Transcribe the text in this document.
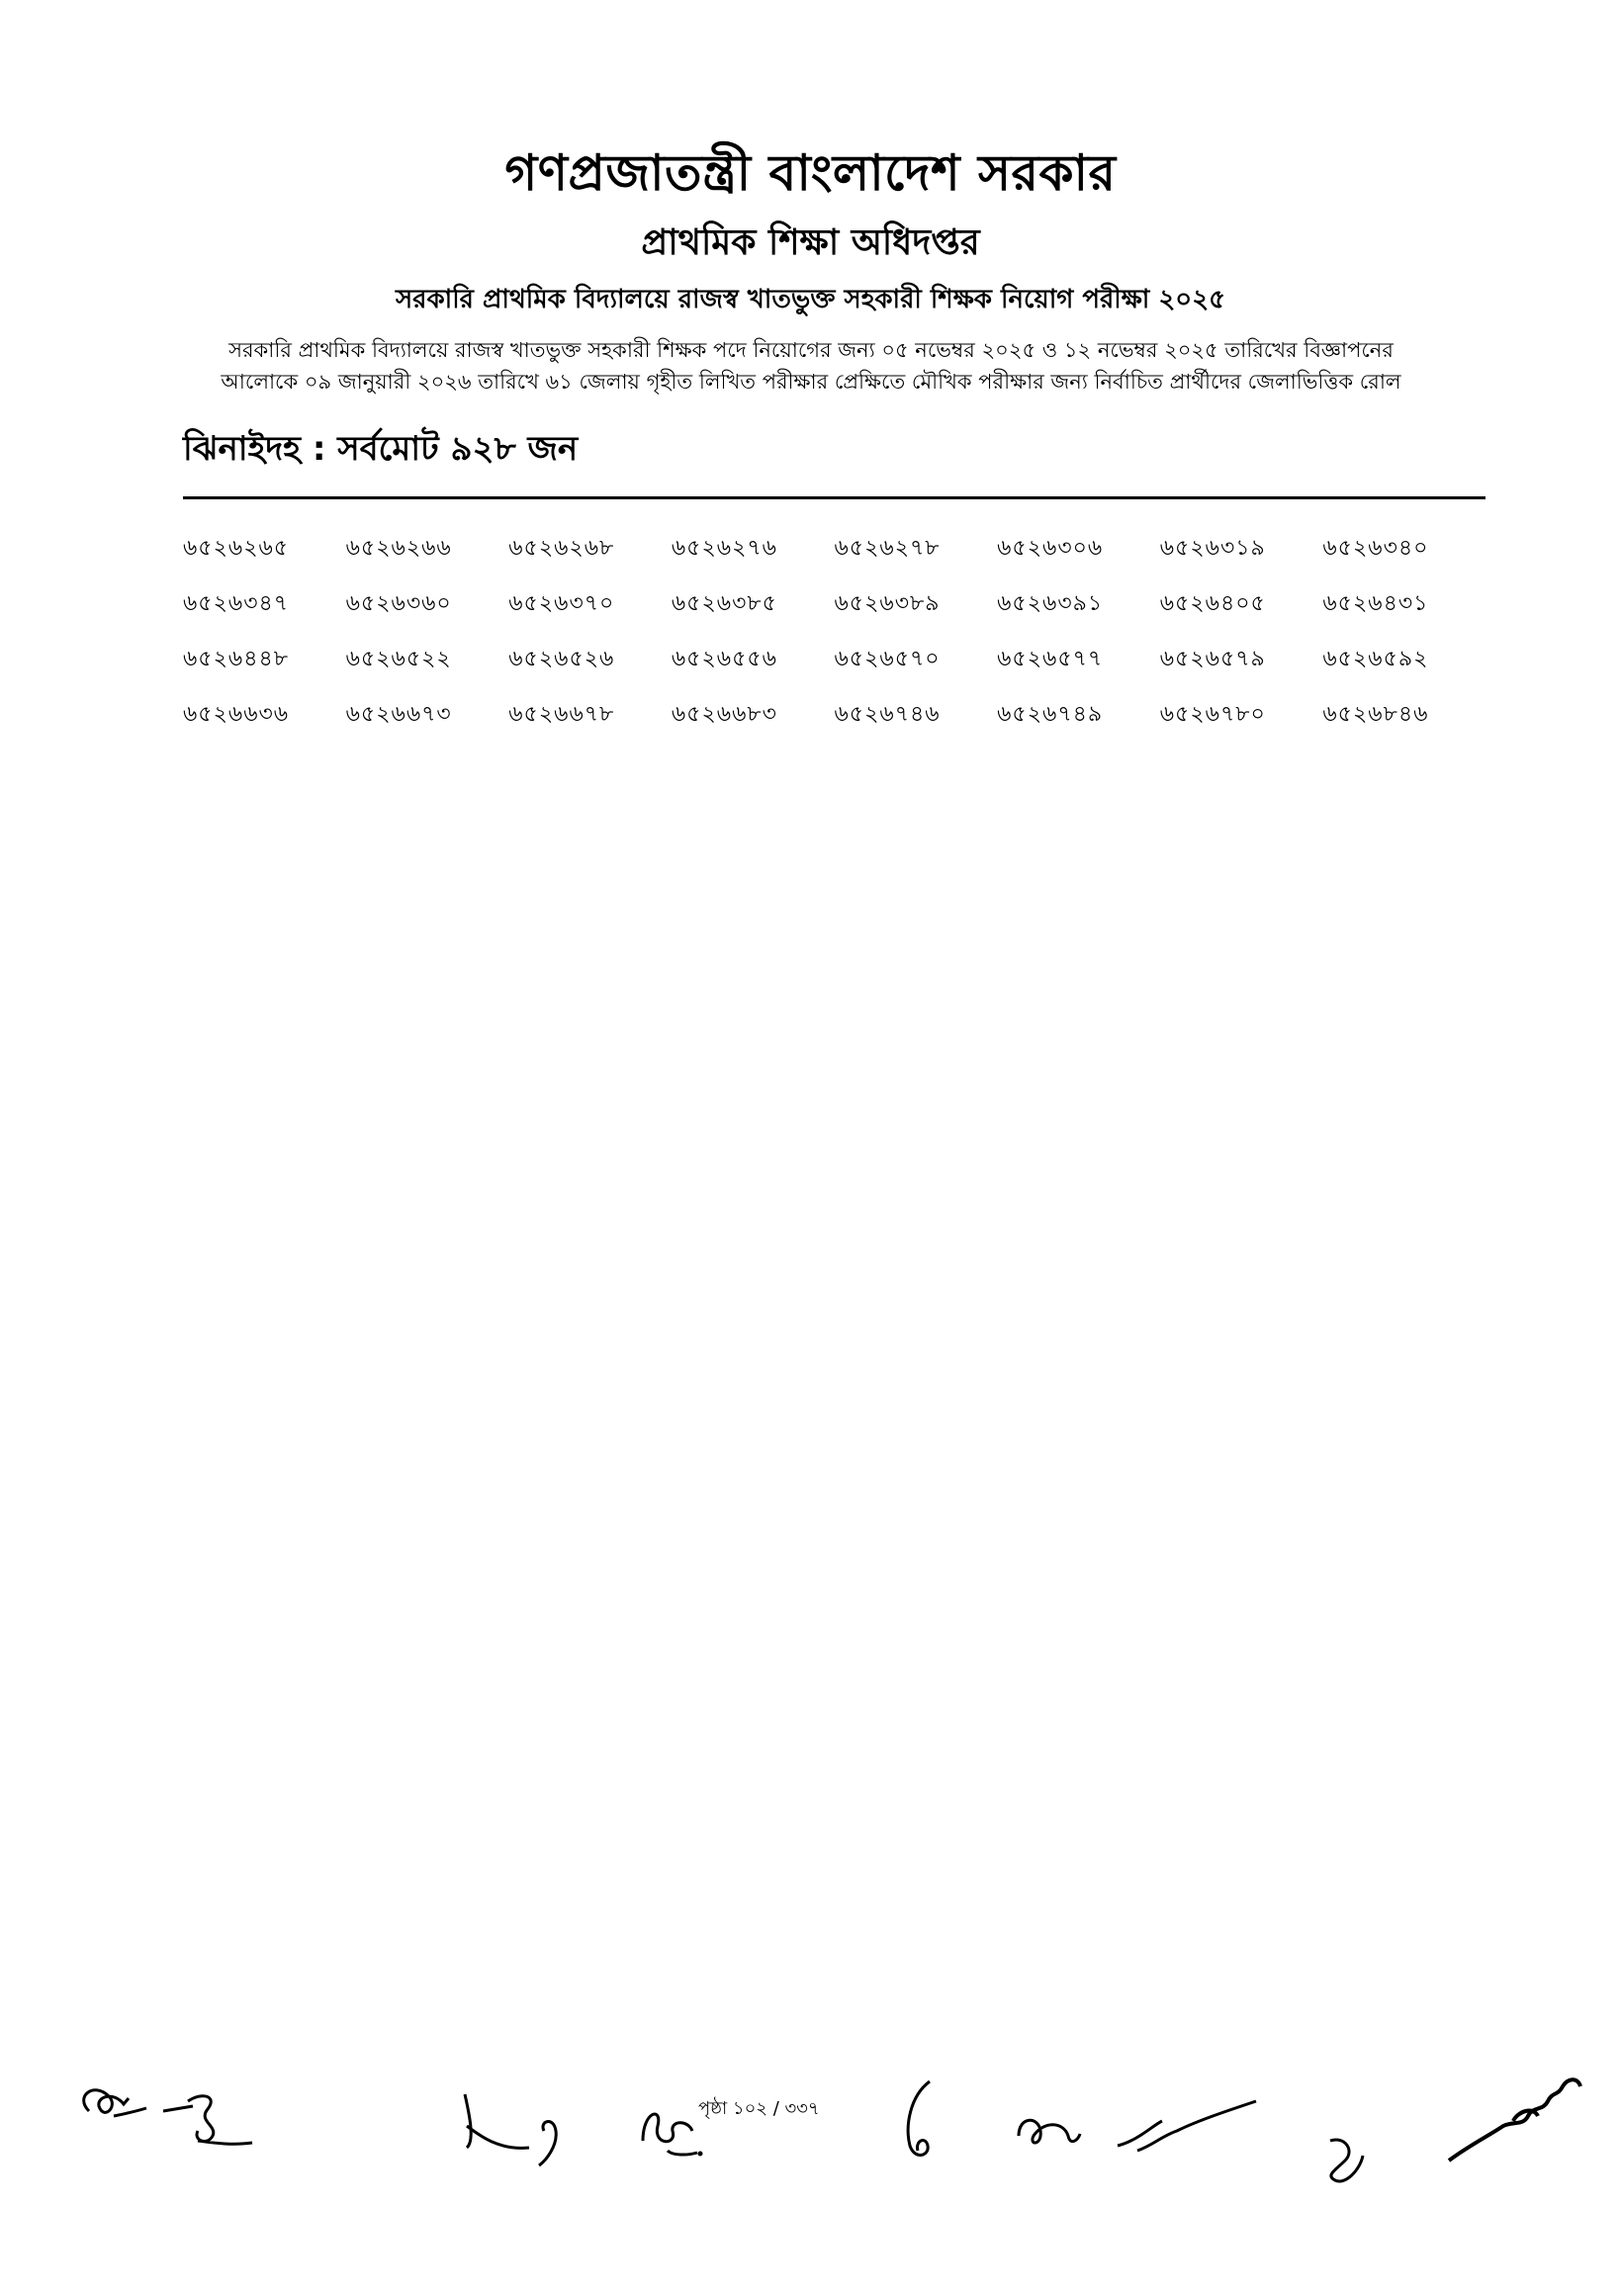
গণপ্রজাতন্ত্রী বাংলাদেশ সরকার
প্রাথমিক শিক্ষা অধিদপ্তর
সরকারি প্রাথমিক বিদ্যালয়ে রাজস্ব খাতভুক্ত সহকারী শিক্ষক নিয়োগ পরীক্ষা ২০২৫
সরকারি প্রাথমিক বিদ্যালয়ে রাজস্ব খাতভুক্ত সহকারী শিক্ষক পদে নিয়োগের জন্য ০৫ নভেম্বর ২০২৫ ও ১২ নভেম্বর ২০২৫ তারিখের বিজ্ঞাপনের
আলোকে ০৯ জানুয়ারী ২০২৬ তারিখে ৬১ জেলায় গৃহীত লিখিত পরীক্ষার প্রেক্ষিতে মৌখিক পরীক্ষার জন্য নির্বাচিত প্রার্থীদের জেলাভিত্তিক রোল
ঝিনাইদহ : সর্বমোট ৯২৮ জন
৬৫২৬২৬৫	৬৫২৬২৬৬	৬৫২৬২৬৮	৬৫২৬২৭৬	৬৫২৬২৭৮	৬৫২৬৩০৬	৬৫২৬৩১৯	৬৫২৬৩৪০
৬৫২৬৩৪৭	৬৫২৬৩৬০	৬৫২৬৩৭০	৬৫২৬৩৮৫	৬৫২৬৩৮৯	৬৫২৬৩৯১	৬৫২৬৪০৫	৬৫২৬৪৩১
৬৫২৬৪৪৮	৬৫২৬৫২২	৬৫২৬৫২৬	৬৫২৬৫৫৬	৬৫২৬৫৭০	৬৫২৬৫৭৭	৬৫২৬৫৭৯	৬৫২৬৫৯২
৬৫২৬৬৩৬	৬৫২৬৬৭৩	৬৫২৬৬৭৮	৬৫২৬৬৮৩	৬৫২৬৭৪৬	৬৫২৬৭৪৯	৬৫২৬৭৮০	৬৫২৬৮৪৬
পৃষ্ঠা ১০২ / ৩৩৭
